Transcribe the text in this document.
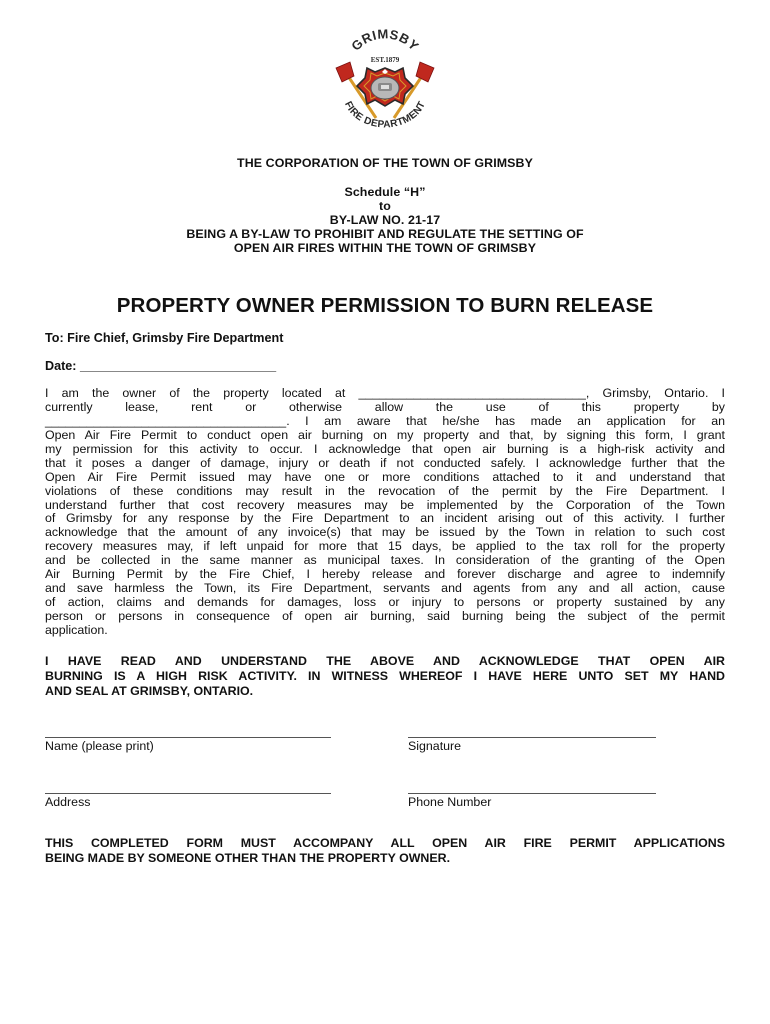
GRIMSBY
EST.1879
FIRE DEPARTMENT
THE CORPORATION OF THE TOWN OF GRIMSBY
Schedule “H”
to
BY-LAW NO. 21-17
BEING A BY-LAW TO PROHIBIT AND REGULATE THE SETTING OF
OPEN AIR FIRES WITHIN THE TOWN OF GRIMSBY
PROPERTY OWNER PERMISSION TO BURN RELEASE
To: Fire Chief, Grimsby Fire Department
Date: ____________________________
I am the owner of the property located at _________________________________, Grimsby, Ontario. I
currently lease, rent or otherwise allow the use of this property by
___________________________________. I am aware that he/she has made an application for an
Open Air Fire Permit to conduct open air burning on my property and that, by signing this form, I grant
my permission for this activity to occur. I acknowledge that open air burning is a high-risk activity and
that it poses a danger of damage, injury or death if not conducted safely. I acknowledge further that the
Open Air Fire Permit issued may have one or more conditions attached to it and understand that
violations of these conditions may result in the revocation of the permit by the Fire Department. I
understand further that cost recovery measures may be implemented by the Corporation of the Town
of Grimsby for any response by the Fire Department to an incident arising out of this activity. I further
acknowledge that the amount of any invoice(s) that may be issued by the Town in relation to such cost
recovery measures may, if left unpaid for more that 15 days, be applied to the tax roll for the property
and be collected in the same manner as municipal taxes. In consideration of the granting of the Open
Air Burning Permit by the Fire Chief, I hereby release and forever discharge and agree to indemnify
and save harmless the Town, its Fire Department, servants and agents from any and all action, cause
of action, claims and demands for damages, loss or injury to persons or property sustained by any
person or persons in consequence of open air burning, said burning being the subject of the permit
application.
I HAVE READ AND UNDERSTAND THE ABOVE AND ACKNOWLEDGE THAT OPEN AIR
BURNING IS A HIGH RISK ACTIVITY. IN WITNESS WHEREOF I HAVE HERE UNTO SET MY HAND
AND SEAL AT GRIMSBY, ONTARIO.
Name (please print)	Signature
Address	Phone Number
THIS COMPLETED FORM MUST ACCOMPANY ALL OPEN AIR FIRE PERMIT APPLICATIONS
BEING MADE BY SOMEONE OTHER THAN THE PROPERTY OWNER.
